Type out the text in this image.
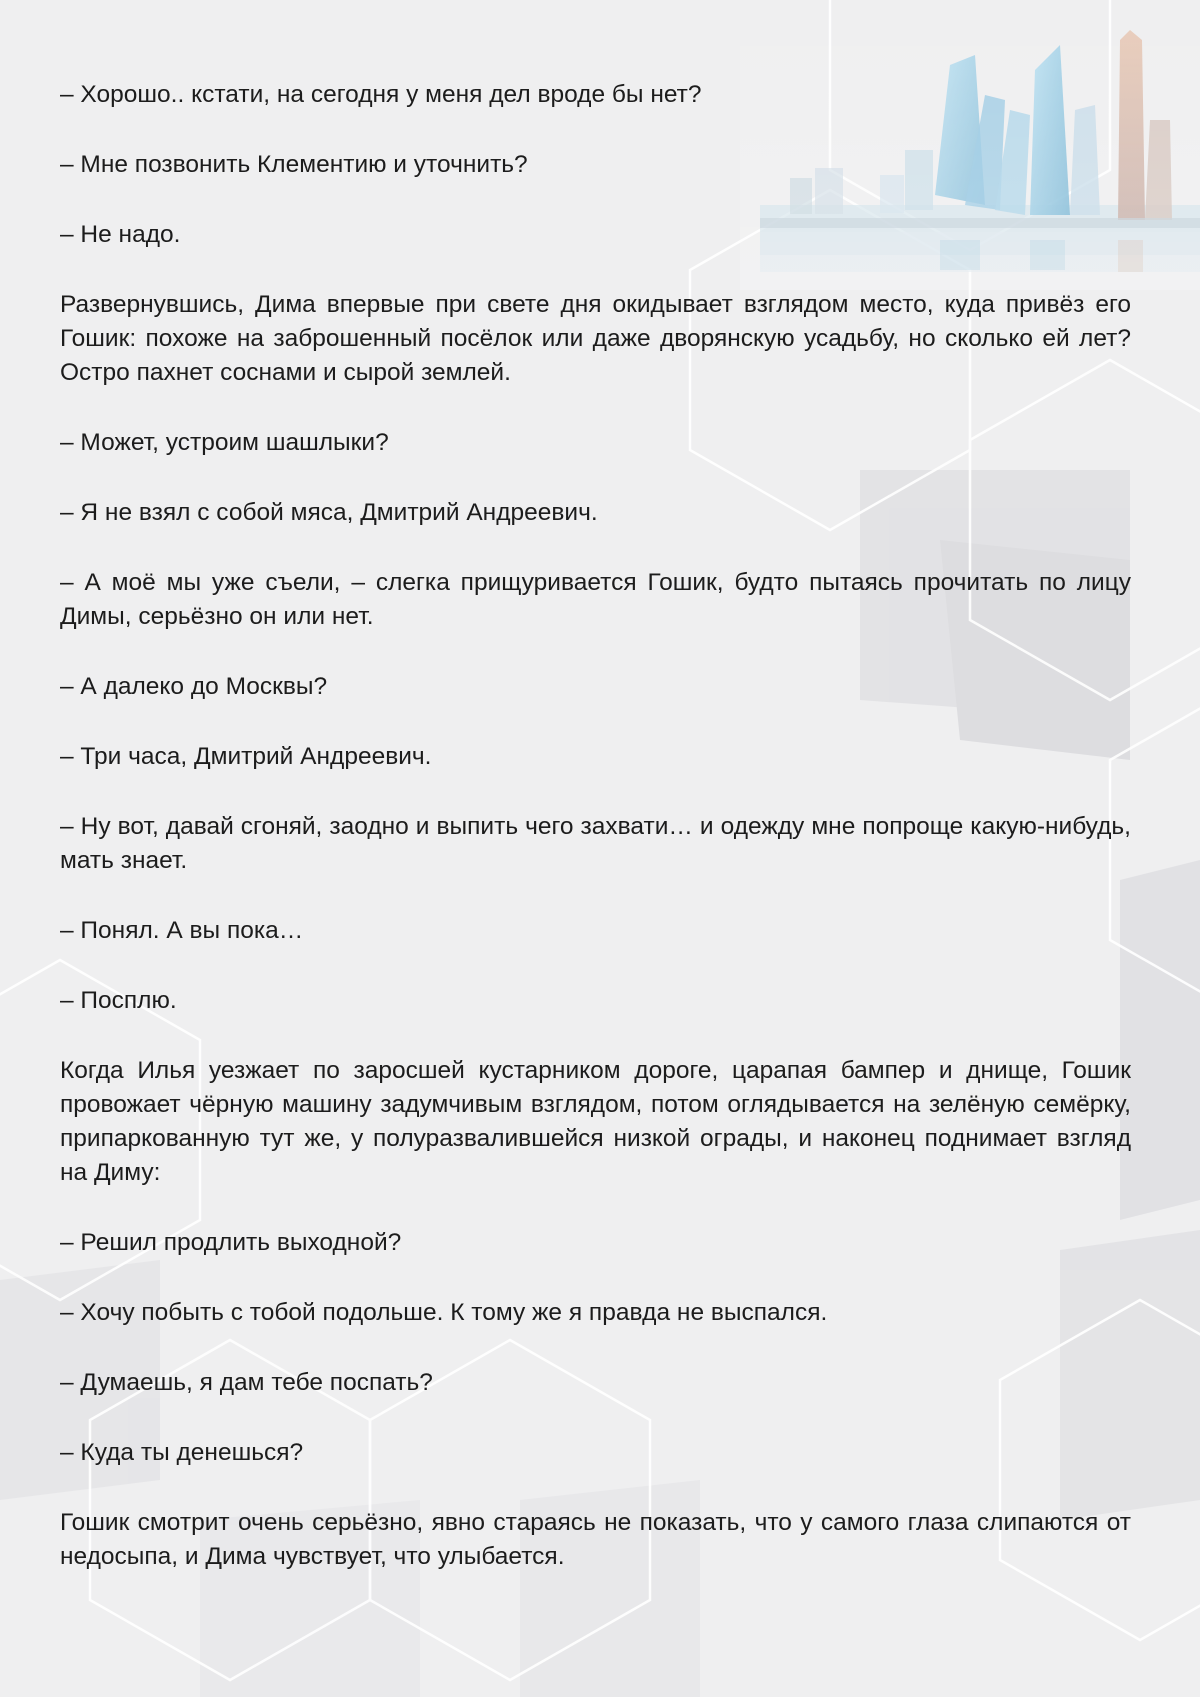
– Хорошо.. кстати, на сегодня у меня дел вроде бы нет?

– Мне позвонить Клементию и уточнить?

– Не надо.

Развернувшись, Дима впервые при свете дня окидывает взглядом место, куда привёз его Гошик: похоже на заброшенный посёлок или даже дворянскую усадьбу, но сколько ей лет? Остро пахнет соснами и сырой землей.

– Может, устроим шашлыки?

– Я не взял с собой мяса, Дмитрий Андреевич.

– А моё мы уже съели, – слегка прищуривается Гошик, будто пытаясь прочитать по лицу Димы, серьёзно он или нет.

– А далеко до Москвы?

– Три часа, Дмитрий Андреевич.

– Ну вот, давай сгоняй, заодно и выпить чего захвати… и одежду мне попроще какую-нибудь, мать знает.

– Понял. А вы пока…

– Посплю.

Когда Илья уезжает по заросшей кустарником дороге, царапая бампер и днище, Гошик провожает чёрную машину задумчивым взглядом, потом оглядывается на зелёную семёрку, припаркованную тут же, у полуразвалившейся низкой ограды, и наконец поднимает взгляд на Диму:

– Решил продлить выходной?

– Хочу побыть с тобой подольше. К тому же я правда не выспался.

– Думаешь, я дам тебе поспать?

– Куда ты денешься?

Гошик смотрит очень серьёзно, явно стараясь не показать, что у самого глаза слипаются от недосыпа, и Дима чувствует, что улыбается.
